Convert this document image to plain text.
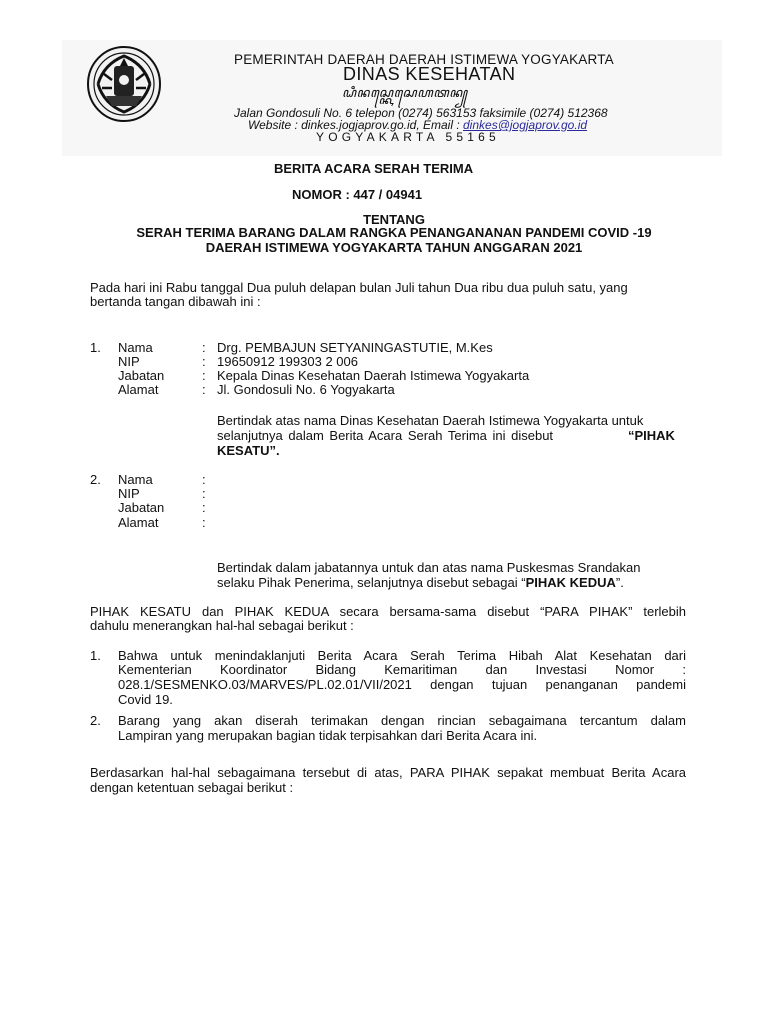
PEMERINTAH DAERAH DAERAH ISTIMEWA YOGYAKARTA
DINAS KESEHATAN
ꦝꦶꦤꦱ꧀ꦏꦺꦱꦺꦲꦠꦤ꧀
Jalan Gondosuli No. 6 telepon (0274) 563153 faksimile (0274) 512368
Website : dinkes.jogjaprov.go.id, Email : dinkes@jogjaprov.go.id
YOGYAKARTA 55165
BERITA ACARA SERAH TERIMA
NOMOR : 447 / 04941
TENTANG
SERAH TERIMA BARANG DALAM RANGKA PENANGANANAN PANDEMI COVID -19
DAERAH ISTIMEWA YOGYAKARTA TAHUN ANGGARAN 2021
Pada hari ini Rabu tanggal Dua puluh delapan bulan Juli tahun Dua ribu dua puluh satu, yang
bertanda tangan dibawah ini :
1. Nama
NIP
Jabatan
Alamat
:
:
:
:
Drg. PEMBAJUN SETYANINGASTUTIE, M.Kes
19650912 199303 2 006
Kepala Dinas Kesehatan Daerah Istimewa Yogyakarta
Jl. Gondosuli No. 6 Yogyakarta
Bertindak atas nama Dinas Kesehatan Daerah Istimewa Yogyakarta untuk
selanjutnya dalam Berita Acara Serah Terima ini disebut	“PIHAK
KESATU”.
2. Nama
NIP
Jabatan
Alamat
:
:
:
:
Bertindak dalam jabatannya untuk dan atas nama Puskesmas Srandakan
selaku Pihak Penerima, selanjutnya disebut sebagai “PIHAK KEDUA”.
PIHAK KESATU dan PIHAK KEDUA secara bersama-sama disebut “PARA PIHAK” terlebih
dahulu menerangkan hal-hal sebagai berikut :
1. Bahwa untuk menindaklanjuti Berita Acara Serah Terima Hibah Alat Kesehatan dari
Kementerian Koordinator Bidang Kemaritiman dan Investasi Nomor :
028.1/SESMENKO.03/MARVES/PL.02.01/VII/2021 dengan tujuan penanganan pandemi
Covid 19.
2. Barang yang akan diserah terimakan dengan rincian sebagaimana tercantum dalam
Lampiran yang merupakan bagian tidak terpisahkan dari Berita Acara ini.
Berdasarkan hal-hal sebagaimana tersebut di atas, PARA PIHAK sepakat membuat Berita Acara
dengan ketentuan sebagai berikut :
